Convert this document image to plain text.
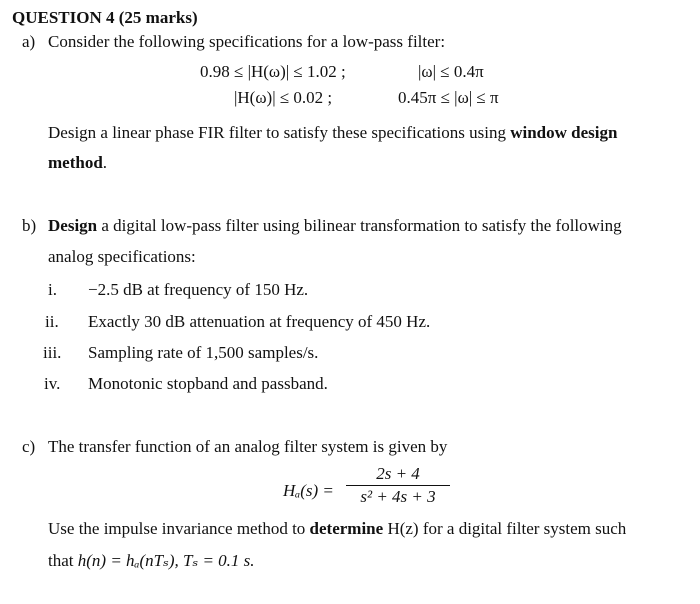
QUESTION 4 (25 marks)
a) Consider the following specifications for a low-pass filter:
0.98 ≤ |H(ω)| ≤ 1.02 ;	|ω| ≤ 0.4π
|H(ω)| ≤ 0.02 ;	0.45π ≤ |ω| ≤ π
Design a linear phase FIR filter to satisfy these specifications using window design
method.
b) Design a digital low-pass filter using bilinear transformation to satisfy the following
analog specifications:
i. −2.5 dB at frequency of 150 Hz.
ii. Exactly 30 dB attenuation at frequency of 450 Hz.
iii. Sampling rate of 1,500 samples/s.
iv. Monotonic stopband and passband.
c) The transfer function of an analog filter system is given by
Hₐ(s) =
2s + 4
s² + 4s + 3
Use the impulse invariance method to determine H(z) for a digital filter system such
that h(n) = hₐ(nTₛ), Tₛ = 0.1 s.
